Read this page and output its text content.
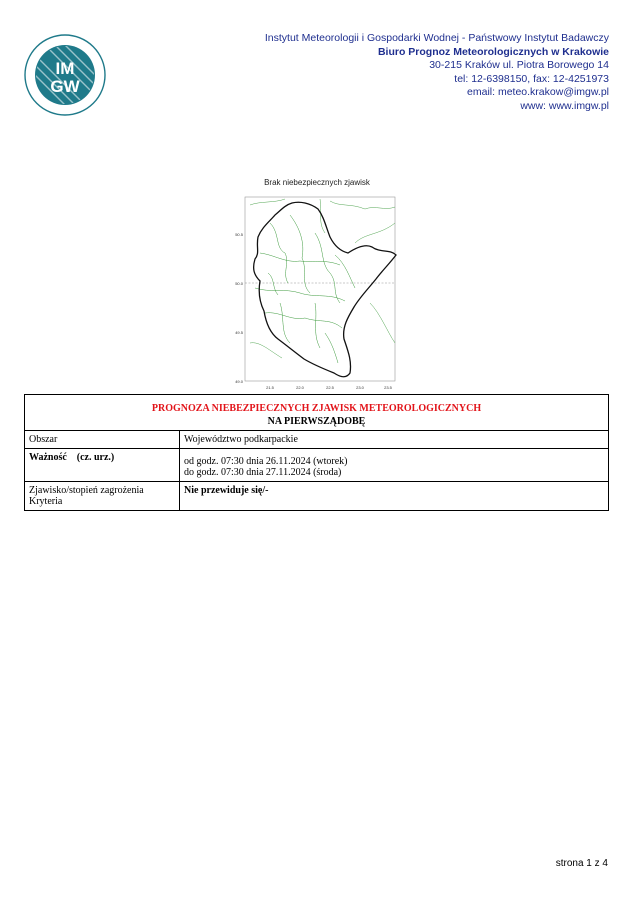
IM
GW
Instytut Meteorologii i Gospodarki Wodnej - Państwowy Instytut Badawczy
Biuro Prognoz Meteorologicznych w Krakowie
30-215 Kraków ul. Piotra Borowego 14
tel: 12-6398150, fax: 12-4251973
email: meteo.krakow@imgw.pl
www: www.imgw.pl
Brak niebezpiecznych zjawisk
50.5
50.0
49.5
49.0
21.5	22.0	22.5	23.0	23.5
PROGNOZA NIEBEZPIECZNYCH ZJAWISK METEOROLOGICZNYCH
NA PIERWSZĄDOBĘ	

Obszar	Województwo podkarpackie
Ważność    (cz. urz.)	od godz. 07:30 dnia 26.11.2024 (wtorek)
do godz. 07:30 dnia 27.11.2024 (środa)

Zjawisko/stopień zagrożenia
Kryteria	Nie przewiduje się/-
strona 1 z 4
